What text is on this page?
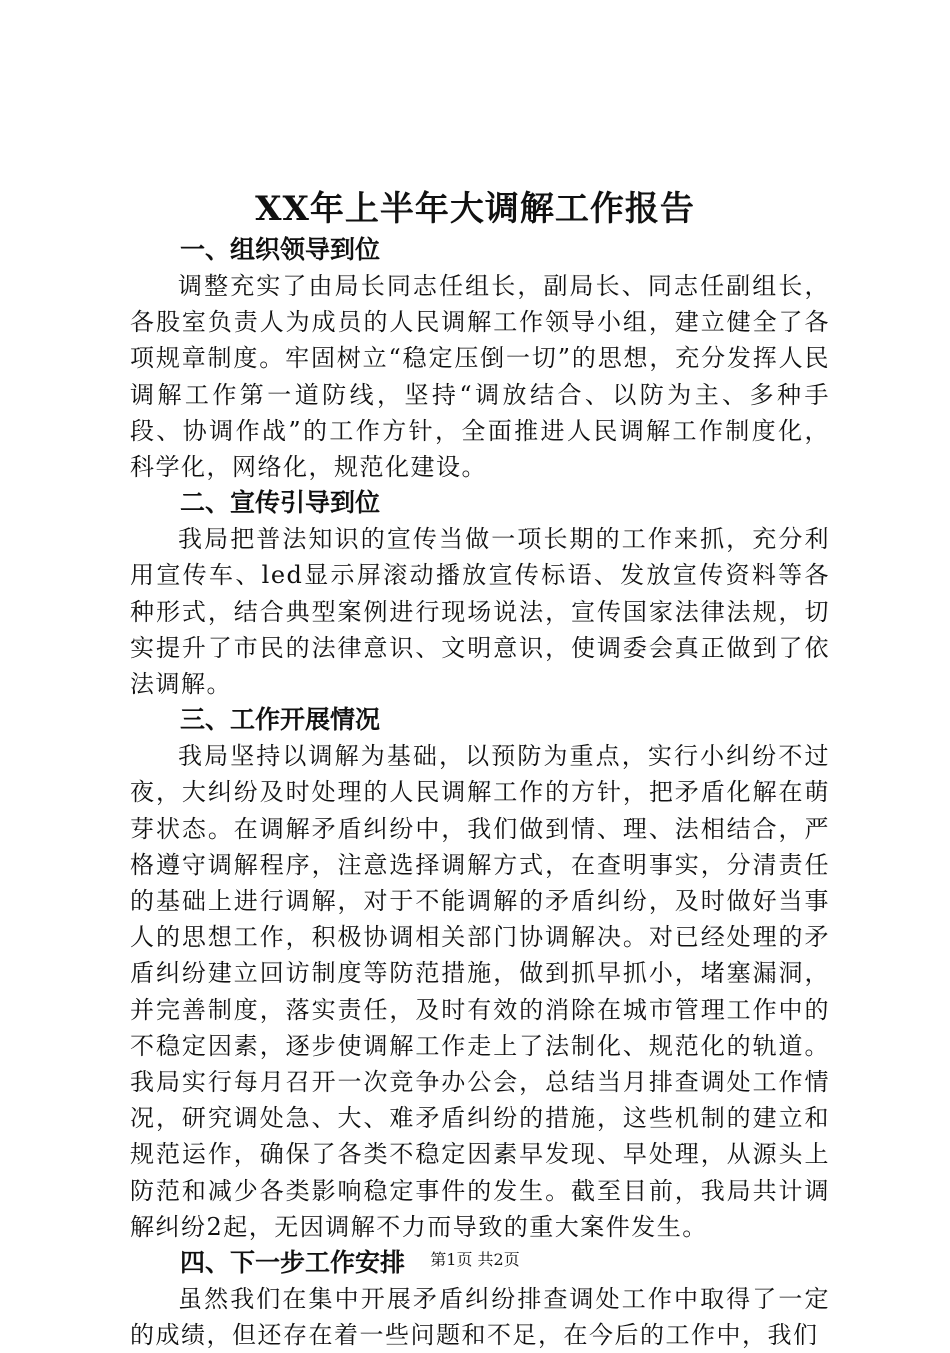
XX年上半年大调解工作报告
一、组织领导到位
调整充实了由局长同志任组长，副局长、同志任副组长，各股室负责人为成员的人民调解工作领导小组，建立健全了各项规章制度。牢固树立“稳定压倒一切”的思想，充分发挥人民调解工作第一道防线，坚持“调放结合、以防为主、多种手段、协调作战”的工作方针，全面推进人民调解工作制度化，科学化，网络化，规范化建设。
二、宣传引导到位
我局把普法知识的宣传当做一项长期的工作来抓，充分利用宣传车、led显示屏滚动播放宣传标语、发放宣传资料等各种形式，结合典型案例进行现场说法，宣传国家法律法规，切实提升了市民的法律意识、文明意识，使调委会真正做到了依法调解。
三、工作开展情况
我局坚持以调解为基础，以预防为重点，实行小纠纷不过夜，大纠纷及时处理的人民调解工作的方针，把矛盾化解在萌芽状态。在调解矛盾纠纷中，我们做到情、理、法相结合，严格遵守调解程序，注意选择调解方式，在查明事实，分清责任的基础上进行调解，对于不能调解的矛盾纠纷，及时做好当事人的思想工作，积极协调相关部门协调解决。对已经处理的矛盾纠纷建立回访制度等防范措施，做到抓早抓小，堵塞漏洞，并完善制度，落实责任，及时有效的消除在城市管理工作中的不稳定因素，逐步使调解工作走上了法制化、规范化的轨道。我局实行每月召开一次竞争办公会，总结当月排查调处工作情况，研究调处急、大、难矛盾纠纷的措施，这些机制的建立和规范运作，确保了各类不稳定因素早发现、早处理，从源头上防范和减少各类影响稳定事件的发生。截至目前，我局共计调解纠纷2起，无因调解不力而导致的重大案件发生。
四、下一步工作安排
虽然我们在集中开展矛盾纠纷排查调处工作中取得了一定的成绩，但还存在着一些问题和不足，在今后的工作中，我们
第1页 共2页
